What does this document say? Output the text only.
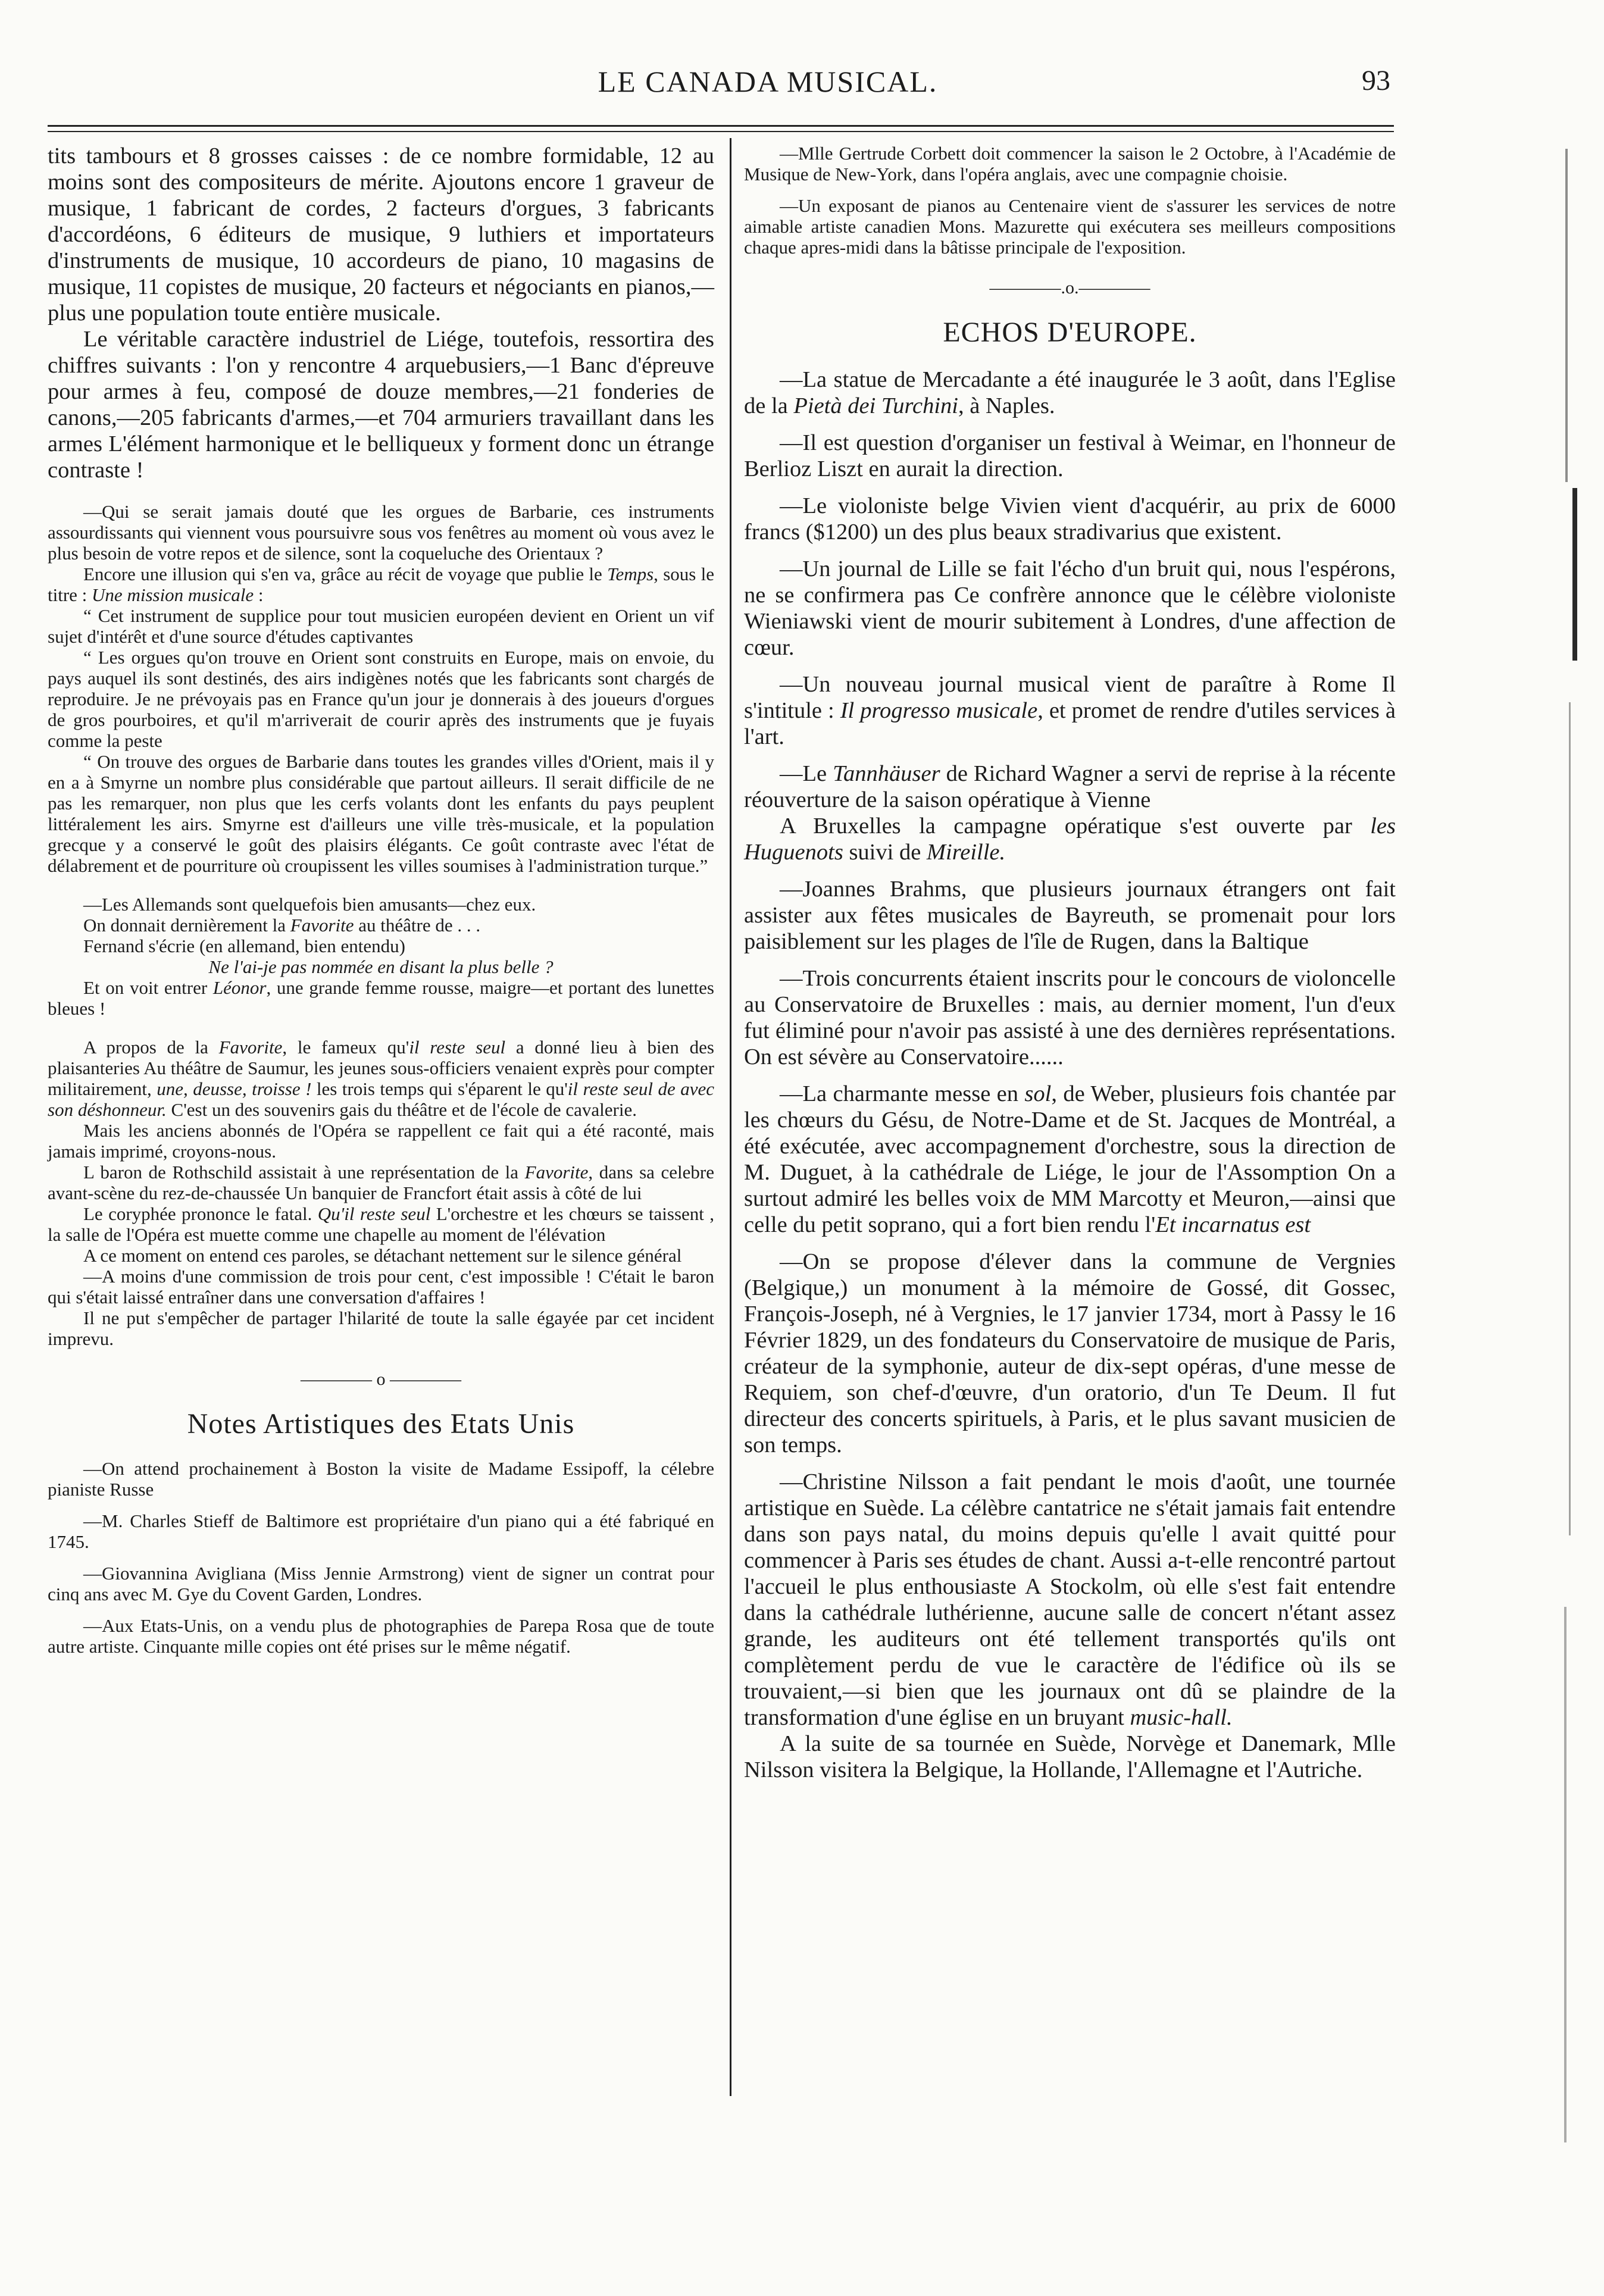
LE CANADA MUSICAL.	93

tits tambours et 8 grosses caisses : de ce nombre formidable, 12 au moins sont des compositeurs de mérite. Ajoutons encore 1 graveur de musique, 1 fabricant de cordes, 2 facteurs d'orgues, 3 fabricants d'accordéons, 6 éditeurs de musique, 9 luthiers et importateurs d'instruments de musique, 10 accordeurs de piano, 10 magasins de musique, 11 copistes de musique, 20 facteurs et négociants en pianos,—plus une population toute entière musicale.

Le véritable caractère industriel de Liége, toutefois, ressortira des chiffres suivants : l'on y rencontre 4 arquebusiers,—1 Banc d'épreuve pour armes à feu, composé de douze membres,—21 fonderies de canons,—205 fabricants d'armes,—et 704 armuriers travaillant dans les armes L'élément harmonique et le belliqueux y forment donc un étrange contraste !

—Qui se serait jamais douté que les orgues de Barbarie, ces instruments assourdissants qui viennent vous poursuivre sous vos fenêtres au moment où vous avez le plus besoin de votre repos et de silence, sont la coqueluche des Orientaux ?

Encore une illusion qui s'en va, grâce au récit de voyage que publie le Temps, sous le titre : Une mission musicale :

“ Cet instrument de supplice pour tout musicien européen devient en Orient un vif sujet d'intérêt et d'une source d'études captivantes

“ Les orgues qu'on trouve en Orient sont construits en Europe, mais on envoie, du pays auquel ils sont destinés, des airs indigènes notés que les fabricants sont chargés de reproduire. Je ne prévoyais pas en France qu'un jour je donnerais à des joueurs d'orgues de gros pourboires, et qu'il m'arriverait de courir après des instruments que je fuyais comme la peste

“ On trouve des orgues de Barbarie dans toutes les grandes villes d'Orient, mais il y en a à Smyrne un nombre plus considérable que partout ailleurs. Il serait difficile de ne pas les remarquer, non plus que les cerfs volants dont les enfants du pays peuplent littéralement les airs. Smyrne est d'ailleurs une ville très-musicale, et la population grecque y a conservé le goût des plaisirs élégants. Ce goût contraste avec l'état de délabrement et de pourriture où croupissent les villes soumises à l'administration turque.”

—Les Allemands sont quelquefois bien amusants—chez eux.

On donnait dernièrement la Favorite au théâtre de . . .

Fernand s'écrie (en allemand, bien entendu)

Ne l'ai-je pas nommée en disant la plus belle ?

Et on voit entrer Léonor, une grande femme rousse, maigre—et portant des lunettes bleues !

A propos de la Favorite, le fameux qu'il reste seul a donné lieu à bien des plaisanteries Au théâtre de Saumur, les jeunes sous-officiers venaient exprès pour compter militairement, une, deusse, troisse ! les trois temps qui s'éparent le qu'il reste seul de avec son déshonneur. C'est un des souvenirs gais du théâtre et de l'école de cavalerie.

Mais les anciens abonnés de l'Opéra se rappellent ce fait qui a été raconté, mais jamais imprimé, croyons-nous.

L baron de Rothschild assistait à une représentation de la Favorite, dans sa celebre avant-scène du rez-de-chaussée Un banquier de Francfort était assis à côté de lui

Le coryphée prononce le fatal. Qu'il reste seul L'orchestre et les chœurs se taissent , la salle de l'Opéra est muette comme une chapelle au moment de l'élévation

A ce moment on entend ces paroles, se détachant nettement sur le silence général

—A moins d'une commission de trois pour cent, c'est impossible ! C'était le baron qui s'était laissé entraîner dans une conversation d'affaires !

Il ne put s'empêcher de partager l'hilarité de toute la salle égayée par cet incident imprevu.

———— o ————
Notes Artistiques des Etats Unis

—On attend prochainement à Boston la visite de Madame Essipoff, la célebre pianiste Russe

—M. Charles Stieff de Baltimore est propriétaire d'un piano qui a été fabriqué en 1745.

—Giovannina Avigliana (Miss Jennie Armstrong) vient de signer un contrat pour cinq ans avec M. Gye du Covent Garden, Londres.

—Aux Etats-Unis, on a vendu plus de photographies de Parepa Rosa que de toute autre artiste. Cinquante mille copies ont été prises sur le même négatif.

—Mlle Gertrude Corbett doit commencer la saison le 2 Octobre, à l'Académie de Musique de New-York, dans l'opéra anglais, avec une compagnie choisie.

—Un exposant de pianos au Centenaire vient de s'assurer les services de notre aimable artiste canadien Mons. Mazurette qui exécutera ses meilleurs compositions chaque apres-midi dans la bâtisse principale de l'exposition.

————.o.————
ECHOS D'EUROPE.

—La statue de Mercadante a été inaugurée le 3 août, dans l'Eglise de la Pietà dei Turchini, à Naples.

—Il est question d'organiser un festival à Weimar, en l'honneur de Berlioz Liszt en aurait la direction.

—Le violoniste belge Vivien vient d'acquérir, au prix de 6000 francs ($1200) un des plus beaux stradivarius que existent.

—Un journal de Lille se fait l'écho d'un bruit qui, nous l'espérons, ne se confirmera pas Ce confrère annonce que le célèbre violoniste Wieniawski vient de mourir subitement à Londres, d'une affection de cœur.

—Un nouveau journal musical vient de paraître à Rome Il s'intitule : Il progresso musicale, et promet de rendre d'utiles services à l'art.

—Le Tannhäuser de Richard Wagner a servi de reprise à la récente réouverture de la saison opératique à Vienne

A Bruxelles la campagne opératique s'est ouverte par les Huguenots suivi de Mireille.

—Joannes Brahms, que plusieurs journaux étrangers ont fait assister aux fêtes musicales de Bayreuth, se promenait pour lors paisiblement sur les plages de l'île de Rugen, dans la Baltique

—Trois concurrents étaient inscrits pour le concours de violoncelle au Conservatoire de Bruxelles : mais, au dernier moment, l'un d'eux fut éliminé pour n'avoir pas assisté à une des dernières représentations. On est sévère au Conservatoire......

—La charmante messe en sol, de Weber, plusieurs fois chantée par les chœurs du Gésu, de Notre-Dame et de St. Jacques de Montréal, a été exécutée, avec accompagnement d'orchestre, sous la direction de M. Duguet, à la cathédrale de Liége, le jour de l'Assomption On a surtout admiré les belles voix de MM Marcotty et Meuron,—ainsi que celle du petit soprano, qui a fort bien rendu l'Et incarnatus est

—On se propose d'élever dans la commune de Vergnies (Belgique,) un monument à la mémoire de Gossé, dit Gossec, François-Joseph, né à Vergnies, le 17 janvier 1734, mort à Passy le 16 Février 1829, un des fondateurs du Conservatoire de musique de Paris, créateur de la symphonie, auteur de dix-sept opéras, d'une messe de Requiem, son chef-d'œuvre, d'un oratorio, d'un Te Deum. Il fut directeur des concerts spirituels, à Paris, et le plus savant musicien de son temps.

—Christine Nilsson a fait pendant le mois d'août, une tournée artistique en Suède. La célèbre cantatrice ne s'était jamais fait entendre dans son pays natal, du moins depuis qu'elle l avait quitté pour commencer à Paris ses études de chant. Aussi a-t-elle rencontré partout l'accueil le plus enthousiaste A Stockolm, où elle s'est fait entendre dans la cathédrale luthérienne, aucune salle de concert n'étant assez grande, les auditeurs ont été tellement transportés qu'ils ont complètement perdu de vue le caractère de l'édifice où ils se trouvaient,—si bien que les journaux ont dû se plaindre de la transformation d'une église en un bruyant music-hall.

A la suite de sa tournée en Suède, Norvège et Danemark, Mlle Nilsson visitera la Belgique, la Hollande, l'Allemagne et l'Autriche.
